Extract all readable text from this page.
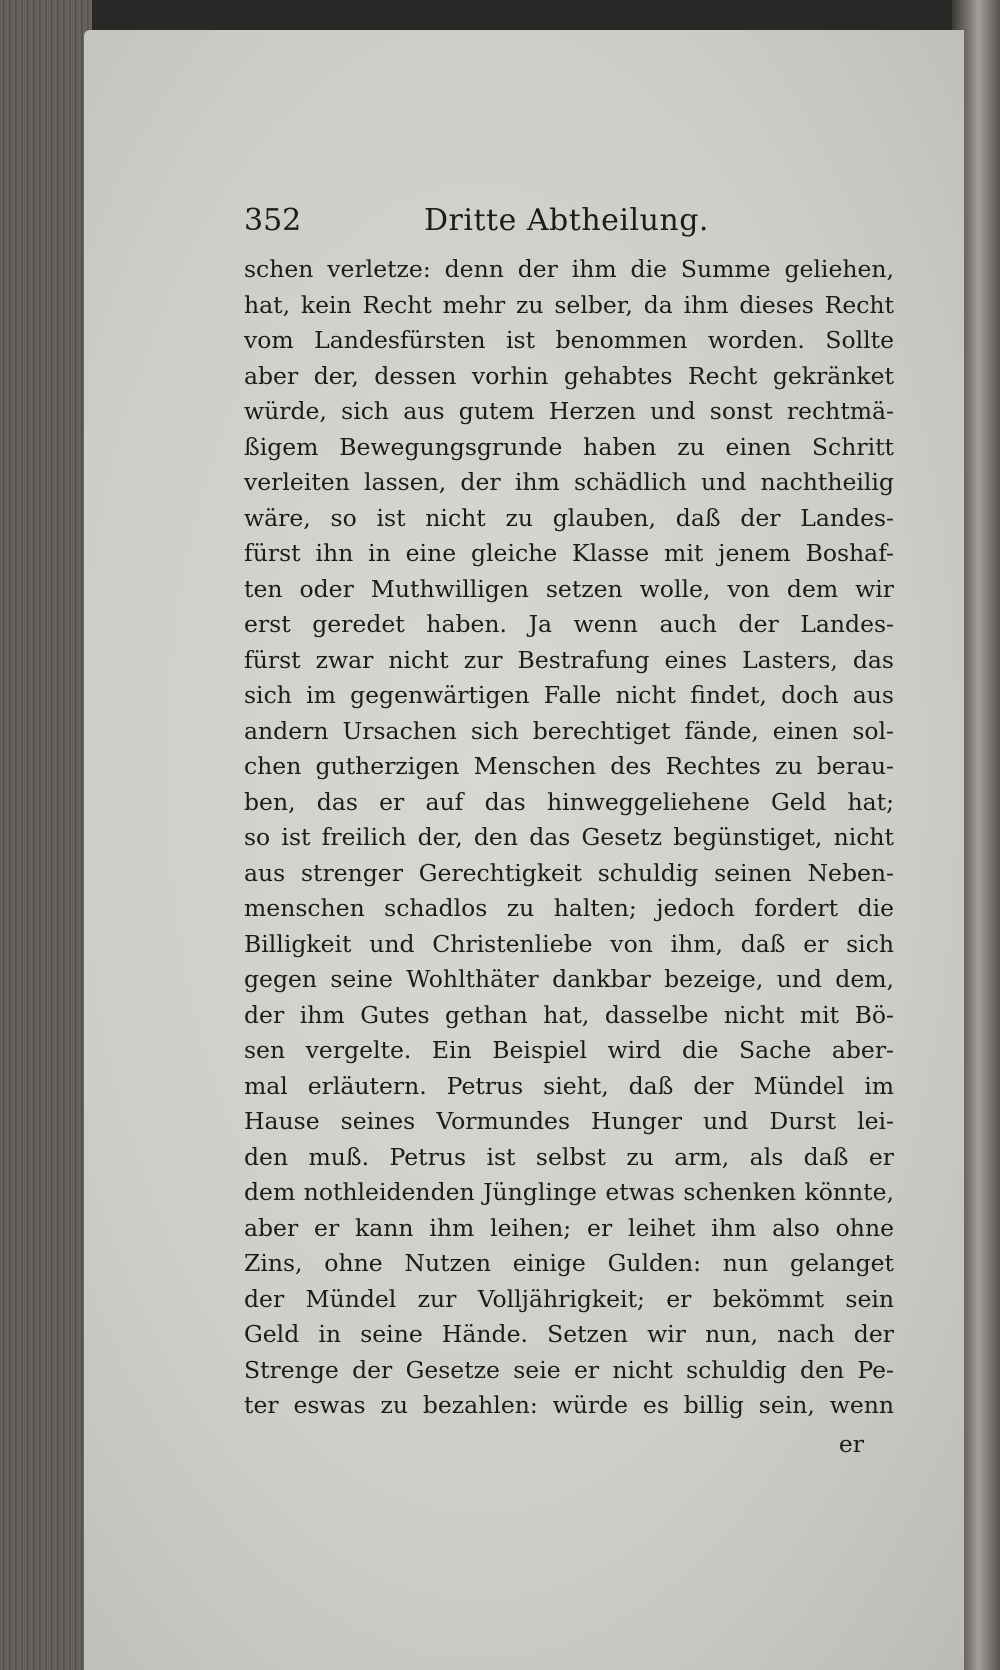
352	Dritte Abtheilung.
schen verletze: denn der ihm die Summe geliehen,
hat, kein Recht mehr zu selber, da ihm dieses Recht
vom Landesfürsten ist benommen worden. Sollte
aber der, dessen vorhin gehabtes Recht gekränket
würde, sich aus gutem Herzen und sonst rechtmä-
ßigem Bewegungsgrunde haben zu einen Schritt
verleiten lassen, der ihm schädlich und nachtheilig
wäre, so ist nicht zu glauben, daß der Landes-
fürst ihn in eine gleiche Klasse mit jenem Boshaf-
ten oder Muthwilligen setzen wolle, von dem wir
erst geredet haben. Ja wenn auch der Landes-
fürst zwar nicht zur Bestrafung eines Lasters, das
sich im gegenwärtigen Falle nicht findet, doch aus
andern Ursachen sich berechtiget fände, einen sol-
chen gutherzigen Menschen des Rechtes zu berau-
ben, das er auf das hinweggeliehene Geld hat;
so ist freilich der, den das Gesetz begünstiget, nicht
aus strenger Gerechtigkeit schuldig seinen Neben-
menschen schadlos zu halten; jedoch fordert die
Billigkeit und Christenliebe von ihm, daß er sich
gegen seine Wohlthäter dankbar bezeige, und dem,
der ihm Gutes gethan hat, dasselbe nicht mit Bö-
sen vergelte. Ein Beispiel wird die Sache aber-
mal erläutern. Petrus sieht, daß der Mündel im
Hause seines Vormundes Hunger und Durst lei-
den muß. Petrus ist selbst zu arm, als daß er
dem nothleidenden Jünglinge etwas schenken könnte,
aber er kann ihm leihen; er leihet ihm also ohne
Zins, ohne Nutzen einige Gulden: nun gelanget
der Mündel zur Volljährigkeit; er bekömmt sein
Geld in seine Hände. Setzen wir nun, nach der
Strenge der Gesetze seie er nicht schuldig den Pe-
ter eswas zu bezahlen: würde es billig sein, wenn
er
